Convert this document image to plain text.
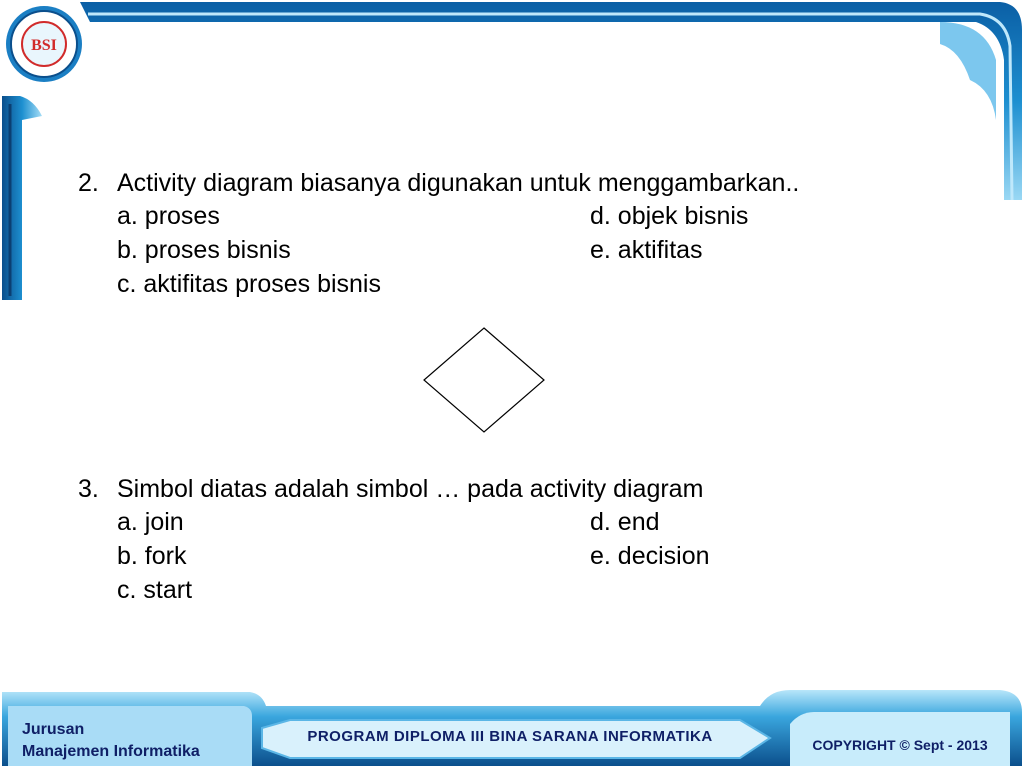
BSI
2. Activity diagram biasanya digunakan untuk menggambarkan..
a. proses
b. proses bisnis
c. aktifitas proses bisnis
d. objek bisnis
e. aktifitas
3. Simbol diatas adalah simbol … pada activity diagram
a. join
b. fork
c. start
d. end
e. decision
Jurusan
Manajemen Informatika
PROGRAM DIPLOMA III BINA SARANA INFORMATIKA	COPYRIGHT © Sept - 2013
